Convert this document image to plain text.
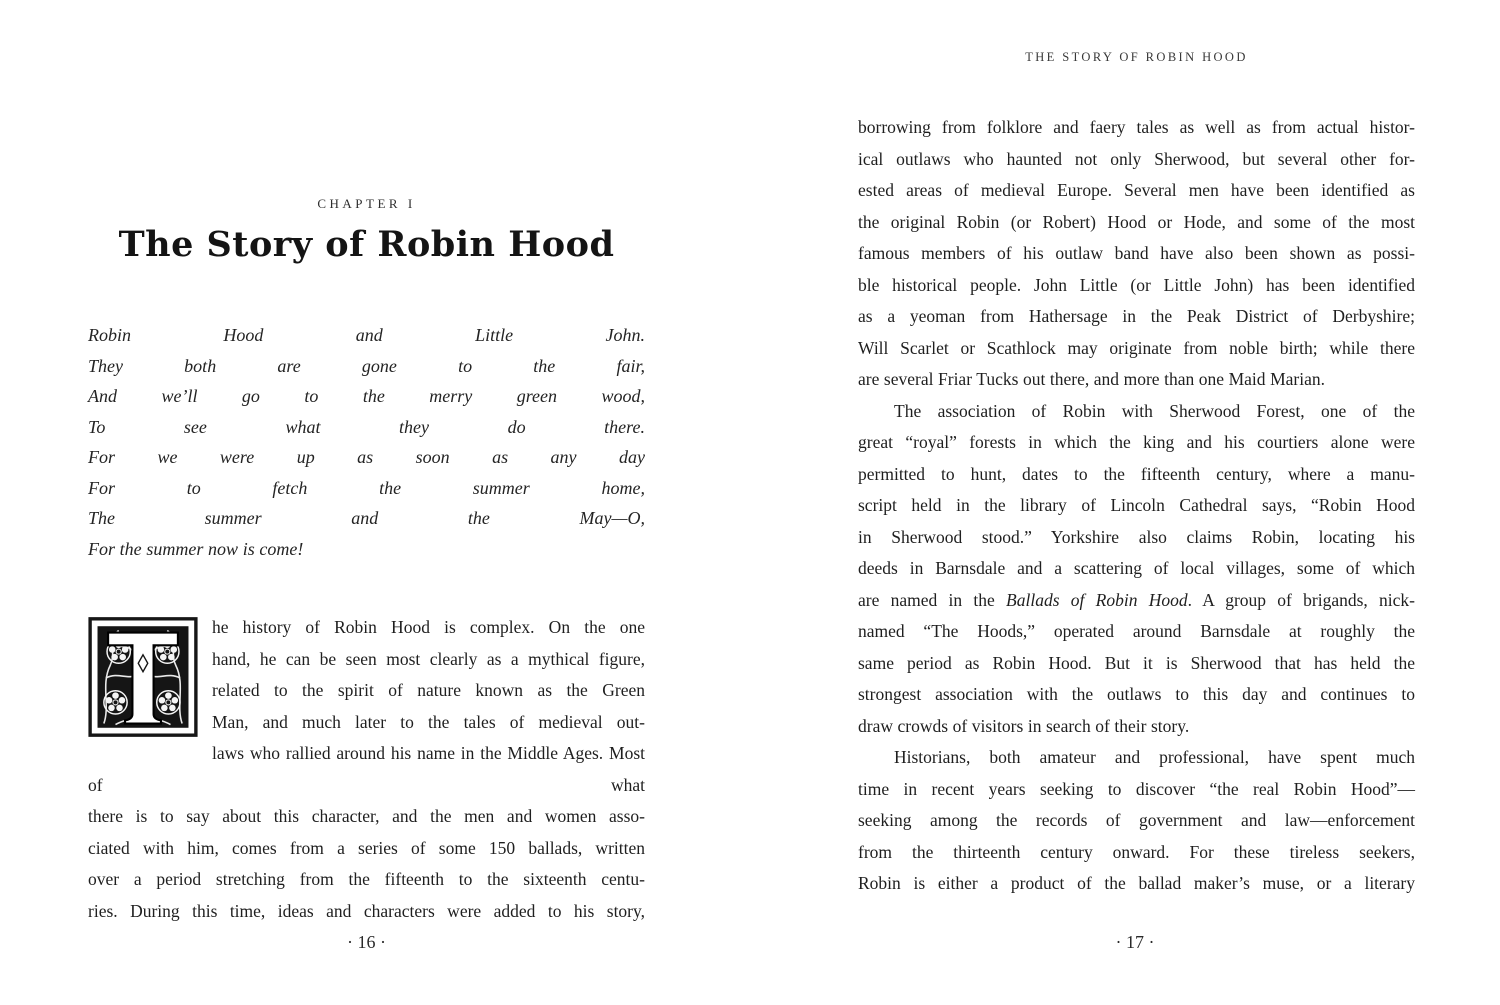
CHAPTER I
The Story of Robin Hood
Robin Hood and Little John.
They both are gone to the fair,
And we’ll go to the merry green wood,
To see what they do there.
For we were up as soon as any day
For to fetch the summer home,
The summer and the May—O,
For the summer now is come!
he history of Robin Hood is complex. On the one
hand, he can be seen most clearly as a mythical figure,
related to the spirit of nature known as the Green
Man, and much later to the tales of medieval out-
laws who rallied around his name in the Middle Ages. Most of what
there is to say about this character, and the men and women asso-
ciated with him, comes from a series of some 150 ballads, written
over a period stretching from the fifteenth to the sixteenth centu-
ries. During this time, ideas and characters were added to his story,
· 16 ·
THE STORY OF ROBIN HOOD
borrowing from folklore and faery tales as well as from actual histor-
ical outlaws who haunted not only Sherwood, but several other for-
ested areas of medieval Europe. Several men have been identified as
the original Robin (or Robert) Hood or Hode, and some of the most
famous members of his outlaw band have also been shown as possi-
ble historical people. John Little (or Little John) has been identified
as a yeoman from Hathersage in the Peak District of Derbyshire;
Will Scarlet or Scathlock may originate from noble birth; while there
are several Friar Tucks out there, and more than one Maid Marian.
The association of Robin with Sherwood Forest, one of the
great “royal” forests in which the king and his courtiers alone were
permitted to hunt, dates to the fifteenth century, where a manu-
script held in the library of Lincoln Cathedral says, “Robin Hood
in Sherwood stood.” Yorkshire also claims Robin, locating his
deeds in Barnsdale and a scattering of local villages, some of which
are named in the Ballads of Robin Hood. A group of brigands, nick-
named “The Hoods,” operated around Barnsdale at roughly the
same period as Robin Hood. But it is Sherwood that has held the
strongest association with the outlaws to this day and continues to
draw crowds of visitors in search of their story.
Historians, both amateur and professional, have spent much
time in recent years seeking to discover “the real Robin Hood”—
seeking among the records of government and law—enforcement
from the thirteenth century onward. For these tireless seekers,
Robin is either a product of the ballad maker’s muse, or a literary
· 17 ·
